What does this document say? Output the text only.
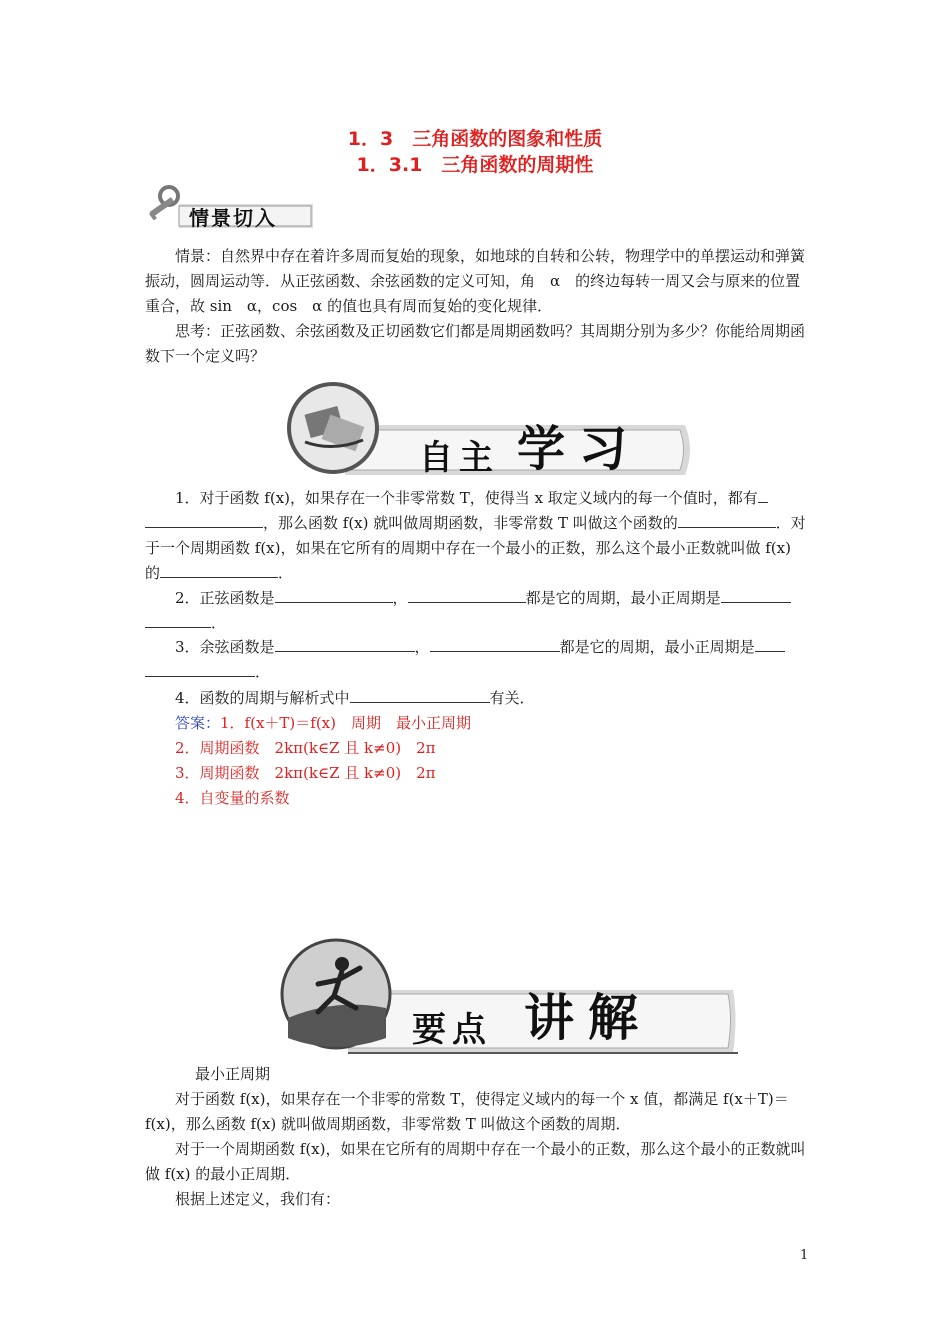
1．3　三角函数的图象和性质
1．3.1　三角函数的周期性
情景切入
情景：自然界中存在着许多周而复始的现象，如地球的自转和公转，物理学中的单摆运动和弹簧振动，圆周运动等．从正弦函数、余弦函数的定义可知，角　α　的终边每转一周又会与原来的位置重合，故 sin　α，cos　α 的值也具有周而复始的变化规律．
思考：正弦函数、余弦函数及正切函数它们都是周期函数吗？其周期分别为多少？你能给周期函数下一个定义吗？
自主 学习
1．对于函数 f(x)，如果存在一个非零常数 T，使得当 x 取定义域内的每一个值时，都有，那么函数 f(x) 就叫做周期函数，非零常数 T 叫做这个函数的	．对于一个周期函数 f(x)，如果在它所有的周期中存在一个最小的正数，那么这个最小正数就叫做 f(x) 的	．
2．正弦函数是	，	都是它的周期，最小正周期是．
3．余弦函数是	，	都是它的周期，最小正周期是．
4．函数的周期与解析式中	有关．
答案：1．f(x＋T)＝f(x)　周期　最小正周期
2．周期函数　2kπ(k∈Z 且 k≠0)　2π
3．周期函数　2kπ(k∈Z 且 k≠0)　2π
4．自变量的系数
要点 讲解
最小正周期
对于函数 f(x)，如果存在一个非零的常数 T，使得定义域内的每一个 x 值，都满足 f(x＋T)＝f(x)，那么函数 f(x) 就叫做周期函数，非零常数 T 叫做这个函数的周期．
对于一个周期函数 f(x)，如果在它所有的周期中存在一个最小的正数，那么这个最小的正数就叫做 f(x) 的最小正周期．
根据上述定义，我们有：
1
